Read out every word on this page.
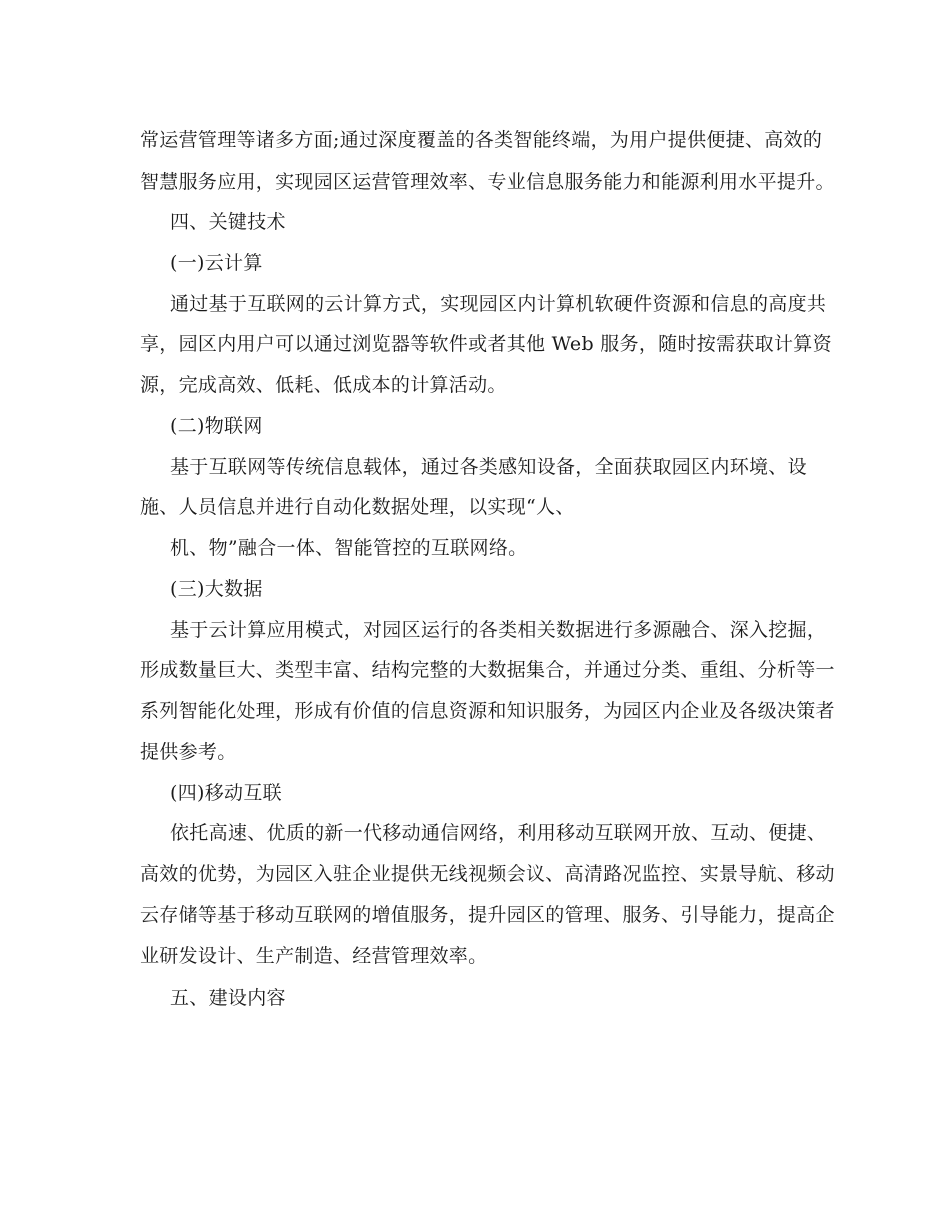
常运营管理等诸多方面;通过深度覆盖的各类智能终端，为用户提供便捷、高效的

智慧服务应用，实现园区运营管理效率、专业信息服务能力和能源利用水平提升。

四、关键技术

(一)云计算

通过基于互联网的云计算方式，实现园区内计算机软硬件资源和信息的高度共

享，园区内用户可以通过浏览器等软件或者其他 Web 服务，随时按需获取计算资

源，完成高效、低耗、低成本的计算活动。

(二)物联网

基于互联网等传统信息载体，通过各类感知设备，全面获取园区内环境、设

施、人员信息并进行自动化数据处理，以实现“人、

机、物”融合一体、智能管控的互联网络。

(三)大数据

基于云计算应用模式，对园区运行的各类相关数据进行多源融合、深入挖掘，

形成数量巨大、类型丰富、结构完整的大数据集合，并通过分类、重组、分析等一

系列智能化处理，形成有价值的信息资源和知识服务，为园区内企业及各级决策者

提供参考。

(四)移动互联

依托高速、优质的新一代移动通信网络，利用移动互联网开放、互动、便捷、

高效的优势，为园区入驻企业提供无线视频会议、高清路况监控、实景导航、移动

云存储等基于移动互联网的增值服务，提升园区的管理、服务、引导能力，提高企

业研发设计、生产制造、经营管理效率。

五、建设内容
